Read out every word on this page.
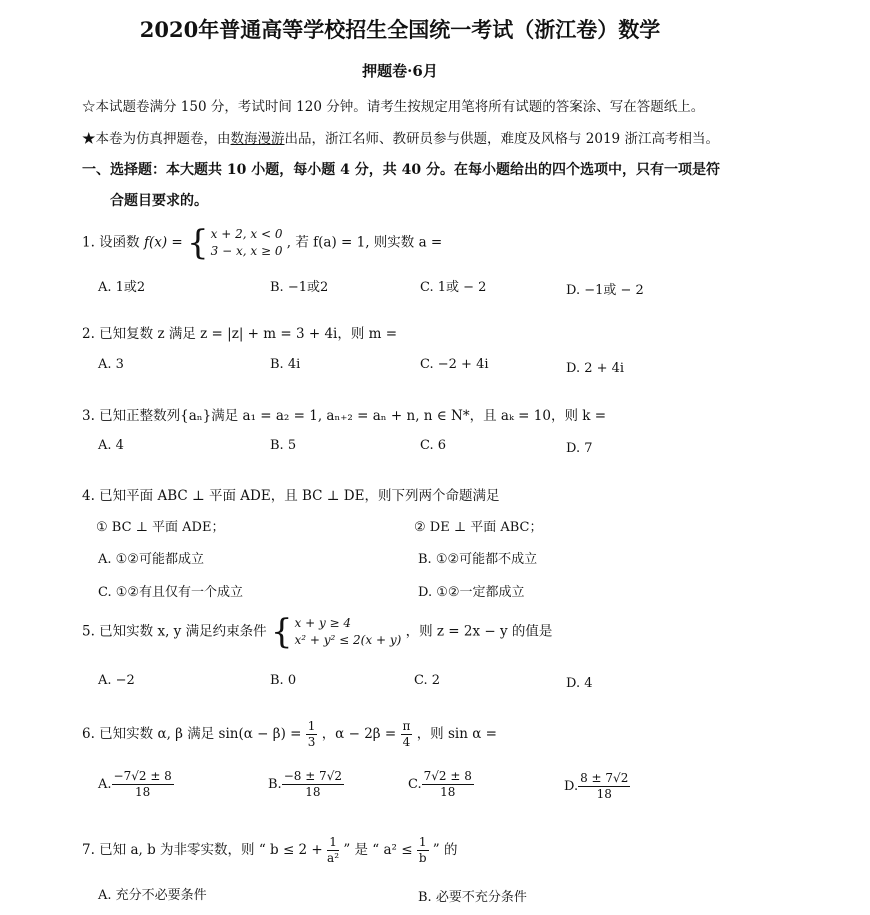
2020年普通高等学校招生全国统一考试（浙江卷）数学
押题卷·6月
☆本试题卷满分 150 分，考试时间 120 分钟。请考生按规定用笔将所有试题的答案涂、写在答题纸上。
★本卷为仿真押题卷，由数海漫游出品，浙江名师、教研员参与供题，难度及风格与 2019 浙江高考相当。
一、选择题：本大题共 10 小题，每小题 4 分，共 40 分。在每小题给出的四个选项中，只有一项是符
合题目要求的。
1. 设函数 f(x) = { x + 2, x < 0
3 − x, x ≥ 0
, 若 f(a) = 1, 则实数 a =
A. 1或2	B. −1或2	C. 1或 − 2	D. −1或 − 2
2. 已知复数 z 满足 z = |z| + m = 3 + 4i，则 m =
A. 3	B. 4i	C. −2 + 4i	D. 2 + 4i
3. 已知正整数列{aₙ}满足 a₁ = a₂ = 1, aₙ₊₂ = aₙ + n, n ∈ N*，且 aₖ = 10，则 k =
A. 4	B. 5	C. 6	D. 7
4. 已知平面 ABC ⊥ 平面 ADE，且 BC ⊥ DE，则下列两个命题满足
① BC ⊥ 平面 ADE；	② DE ⊥ 平面 ABC；
A. ①②可能都成立	B. ①②可能都不成立
C. ①②有且仅有一个成立	D. ①②一定都成立
5. 已知实数 x, y 满足约束条件 { x + y ≥ 4
x² + y² ≤ 2(x + y)
，则 z = 2x − y 的值是
A. −2	B. 0	C. 2	D. 4
6. 已知实数 α, β 满足 $\sin(\alpha - \beta) = \frac{1}{3}$ ，$\alpha - 2\beta = \frac{\pi}{4}$ ，则 sin α =
A. $\frac{-7√2 \pm 8}{18}$	B. $\frac{-8 \pm 7√2}{18}$	C. $\frac{7√2 \pm 8}{18}$	D. $\frac{8 \pm 7√2}{18}$
7. 已知 a, b 为非零实数，则 “ $b \le 2 + \frac{1}{\text{a²}}$ ” 是 “ $a^2 \le \frac{1}{b}$ ” 的
A. 充分不必要条件	B. 必要不充分条件
